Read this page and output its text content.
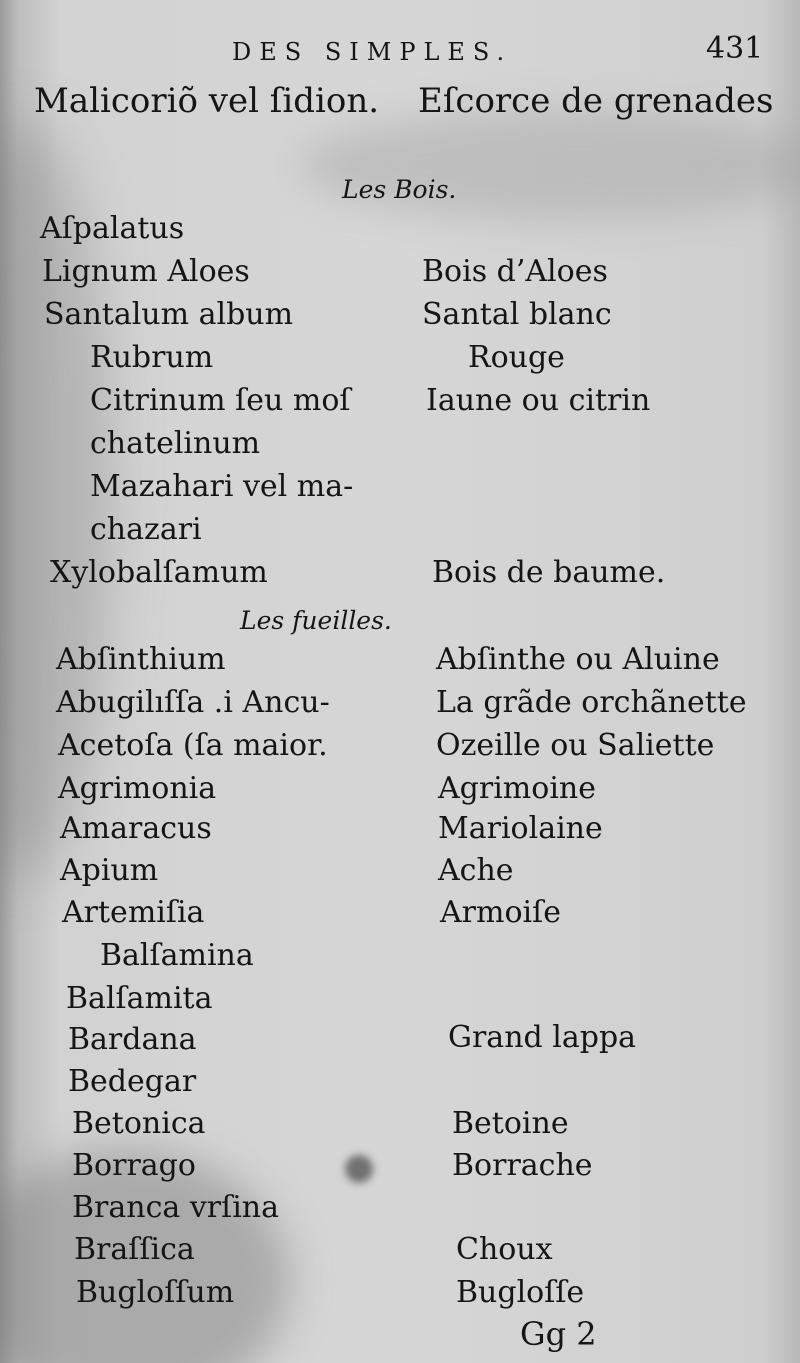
DES SIMPLES.	431
Malicoriõ vel ſidion. Eſcorce de grenades
Les Bois.
Aſpalatus
Lignum Aloes	Bois d’Aloes
Santalum album	Santal blanc
Rubrum	Rouge
Citrinum ſeu moſ	Iaune ou citrin
chatelinum
Mazahari vel ma-
chazari
Xylobalſamum	Bois de baume.
Les fueilles.
Abſinthium	Abſinthe ou Aluine
Abugilıſſa .i Ancu-	La grãde orchãnette
Acetoſa (ſa maior.	Ozeille ou Saliette
Agrimonia	Agrimoine
Amaracus	Mariolaine
Apium	Ache
Artemiſia	Armoiſe
Balſamina
Balſamita
Bardana	Grand lappa
Bedegar
Betonica	Betoine
Borrago	Borrache
Branca vrſina
Braſſica	Choux
Bugloſſum	Bugloſſe
Gg 2
